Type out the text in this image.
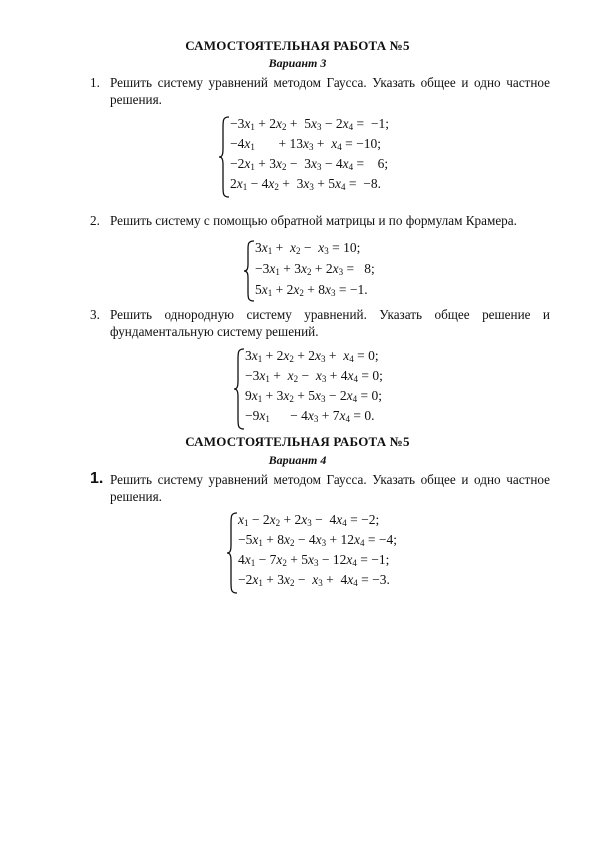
САМОСТОЯТЕЛЬНАЯ РАБОТА №5
Вариант 3
1. Решить систему уравнений методом Гаусса. Указать общее и одно частное решения.
$-3x_1 + 2x_2 + 5x_3 - 2x_4 = -1$;
$-4x_1$       + $13x_3 + x_4 = -10$;
$-2x_1 + 3x_2 - 3x_3 - 4x_4$ =    6;
$2x_1 - 4x_2 + 3x_3 + 5x_4 = -8$.
2. Решить систему с помощью обратной матрицы и по формулам Крамера.
$3x_1 + x_2 - x_3 = 10$;
$-3x_1 + 3x_2 + 2x_3 = 8$;
$5x_1 + 2x_2 + 8x_3 = -1$.
3. Решить однородную систему уравнений. Указать общее решение и фундаментальную систему решений.
$3x_1 + 2x_2 + 2x_3 + x_4 = 0$;
$-3x_1 + x_2 - x_3 + 4x_4 = 0$;
$9x_1 + 3x_2 + 5x_3 - 2x_4 = 0$;
$-9x_1$      − $4x_3 + 7x_4 = 0$.
САМОСТОЯТЕЛЬНАЯ РАБОТА №5
Вариант 4
1. Решить систему уравнений методом Гаусса. Указать общее и одно частное решения.
$x_1 - 2x_2 + 2x_3 - 4x_4 = -2$;
$-5x_1 + 8x_2 - 4x_3 + 12x_4 = -4$;
$4x_1 - 7x_2 + 5x_3 - 12x_4 = -1$;
$-2x_1 + 3x_2 - x_3 + 4x_4 = -3$.
